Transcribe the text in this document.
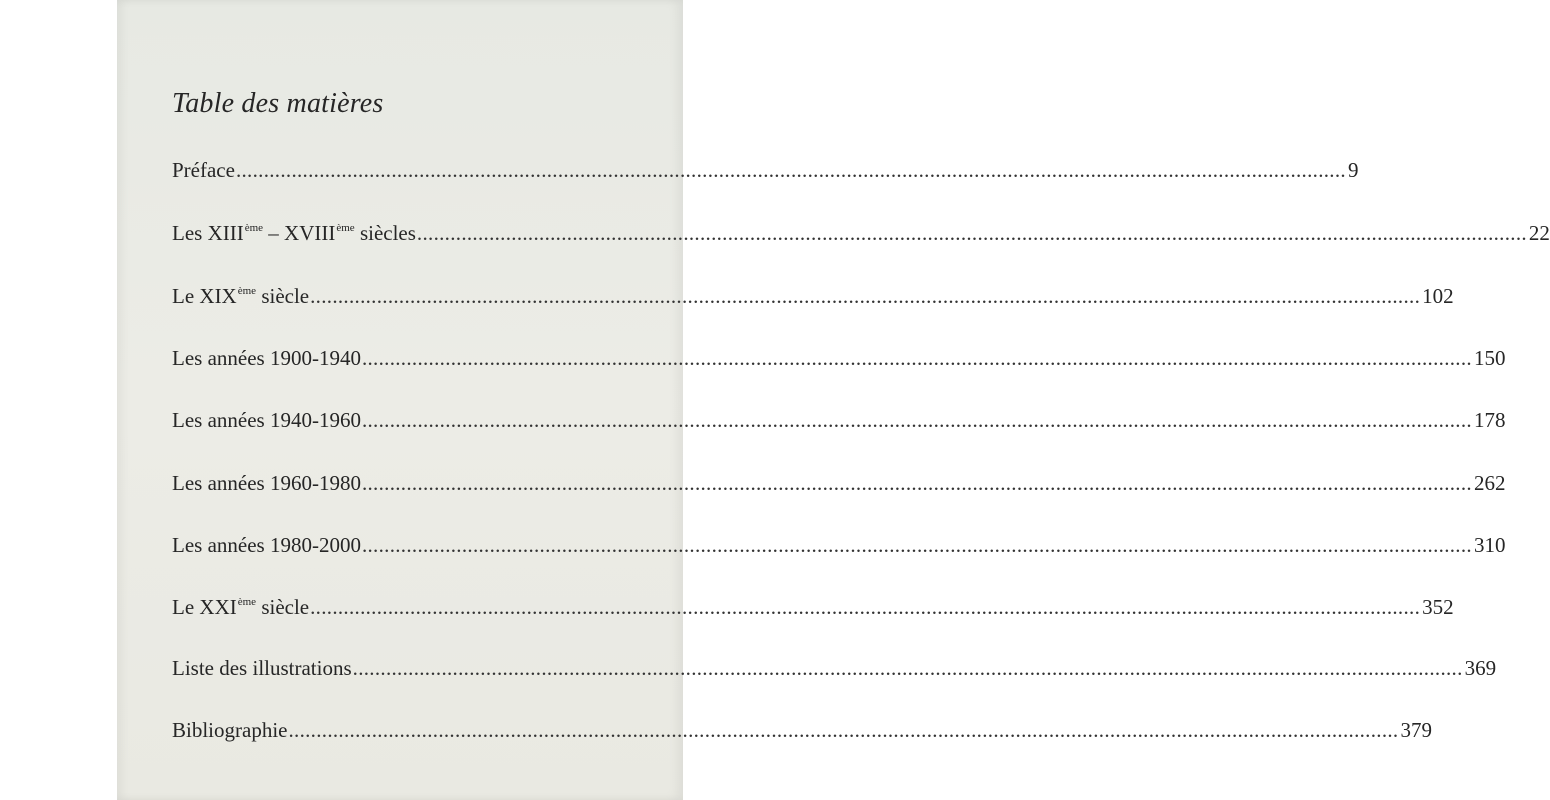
Table des matières
Préface ........................................................................................................................................................................................................ 9
Les XIIIème – XVIIIème siècles ........................................................................................................................................................................................................ 22
Le XIXème siècle ........................................................................................................................................................................................................ 102
Les années 1900-1940 ........................................................................................................................................................................................................ 150
Les années 1940-1960 ........................................................................................................................................................................................................ 178
Les années 1960-1980 ........................................................................................................................................................................................................ 262
Les années 1980-2000 ........................................................................................................................................................................................................ 310
Le XXIème siècle ........................................................................................................................................................................................................ 352
Liste des illustrations ........................................................................................................................................................................................................ 369
Bibliographie ........................................................................................................................................................................................................ 379
